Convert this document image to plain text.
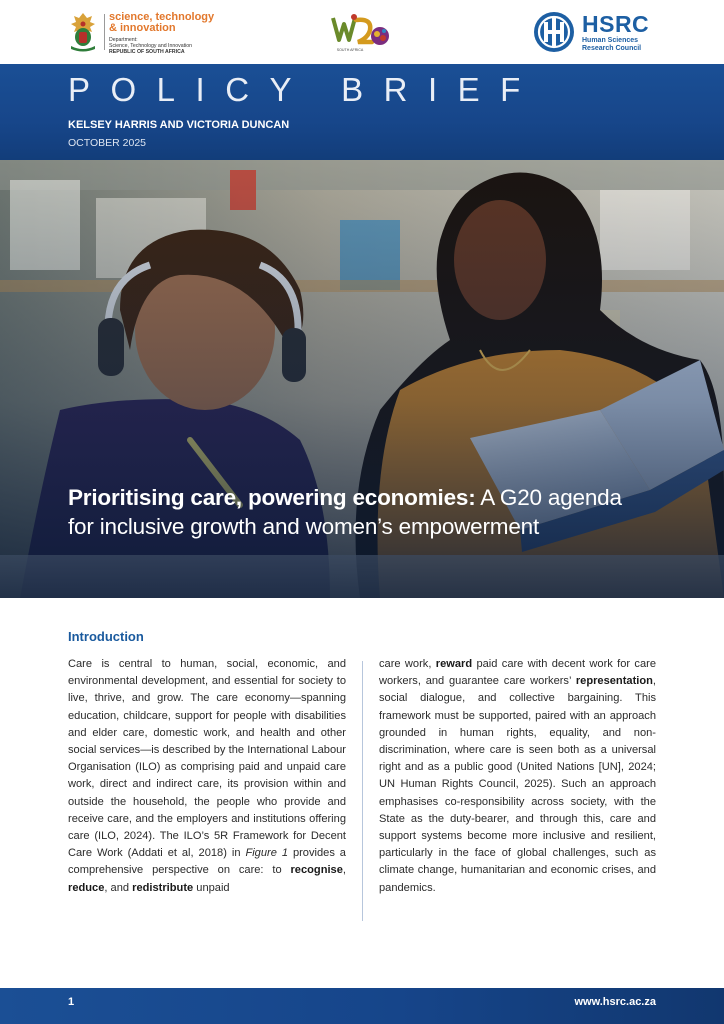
science, technology
& innovation
Department:
Science, Technology and Innovation
REPUBLIC OF SOUTH AFRICA	SOUTH AFRICA
HSRC
Human Sciences
Research Council
POLICY BRIEF
KELSEY HARRIS AND VICTORIA DUNCAN
OCTOBER 2025
Prioritising care, powering economies: A G20 agenda for inclusive growth and women’s empowerment
Introduction
Care is central to human, social, economic, and environmental development, and essential for society to live, thrive, and grow. The care economy—spanning education, childcare, support for people with disabilities and elder care, domestic work, and health and other social services—is described by the International Labour Organisation (ILO) as comprising paid and unpaid care work, direct and indirect care, its provision within and outside the household, the people who provide and receive care, and the employers and institutions offering care (ILO, 2024). The ILO’s 5R Framework for Decent Care Work (Addati et al, 2018) in Figure 1 provides a comprehensive perspective on care: to recognise, reduce, and redistribute unpaid
care work, reward paid care with decent work for care workers, and guarantee care workers’ representation, social dialogue, and collective bargaining. This framework must be supported, paired with an approach grounded in human rights, equality, and non-discrimination, where care is seen both as a universal right and as a public good (United Nations [UN], 2024; UN Human Rights Council, 2025). Such an approach emphasises co-responsibility across society, with the State as the duty-bearer, and through this, care and support systems become more inclusive and resilient, particularly in the face of global challenges, such as climate change, humanitarian and economic crises, and pandemics.
1	www.hsrc.ac.za
